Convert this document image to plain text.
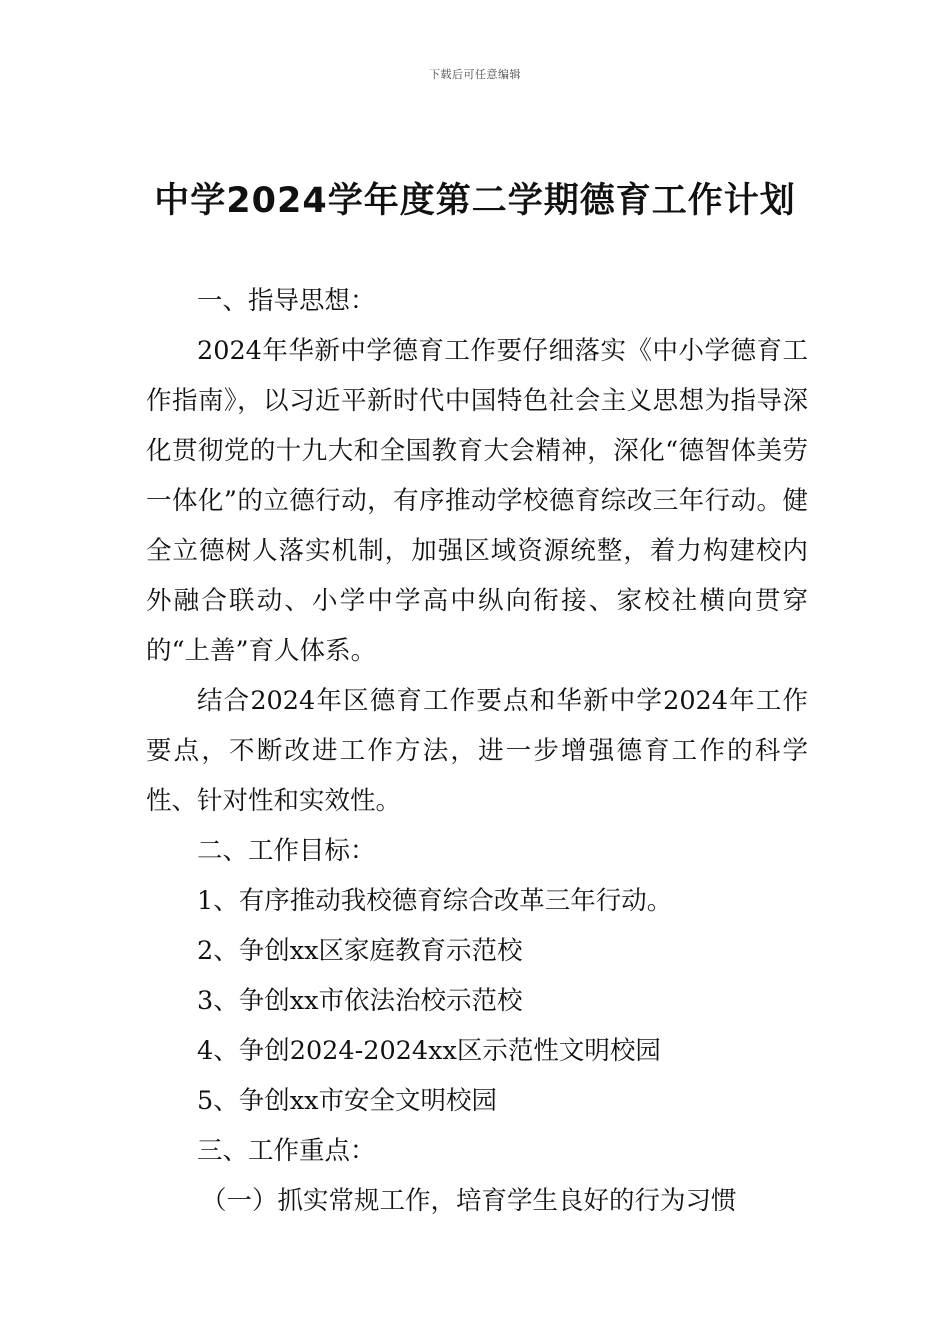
下载后可任意编辑
中学2024学年度第二学期德育工作计划

一、指导思想：

2024年华新中学德育工作要仔细落实《中小学德育工作指南》，以习近平新时代中国特色社会主义思想为指导深化贯彻党的十九大和全国教育大会精神，深化“德智体美劳一体化”的立德行动，有序推动学校德育综改三年行动。健全立德树人落实机制，加强区域资源统整，着力构建校内外融合联动、小学中学高中纵向衔接、家校社横向贯穿的“上善”育人体系。

结合2024年区德育工作要点和华新中学2024年工作要点，不断改进工作方法，进一步增强德育工作的科学性、针对性和实效性。

二、工作目标：

1、有序推动我校德育综合改革三年行动。

2、争创xx区家庭教育示范校

3、争创xx市依法治校示范校

4、争创2024-2024xx区示范性文明校园

5、争创xx市安全文明校园

三、工作重点：

（一）抓实常规工作，培育学生良好的行为习惯
